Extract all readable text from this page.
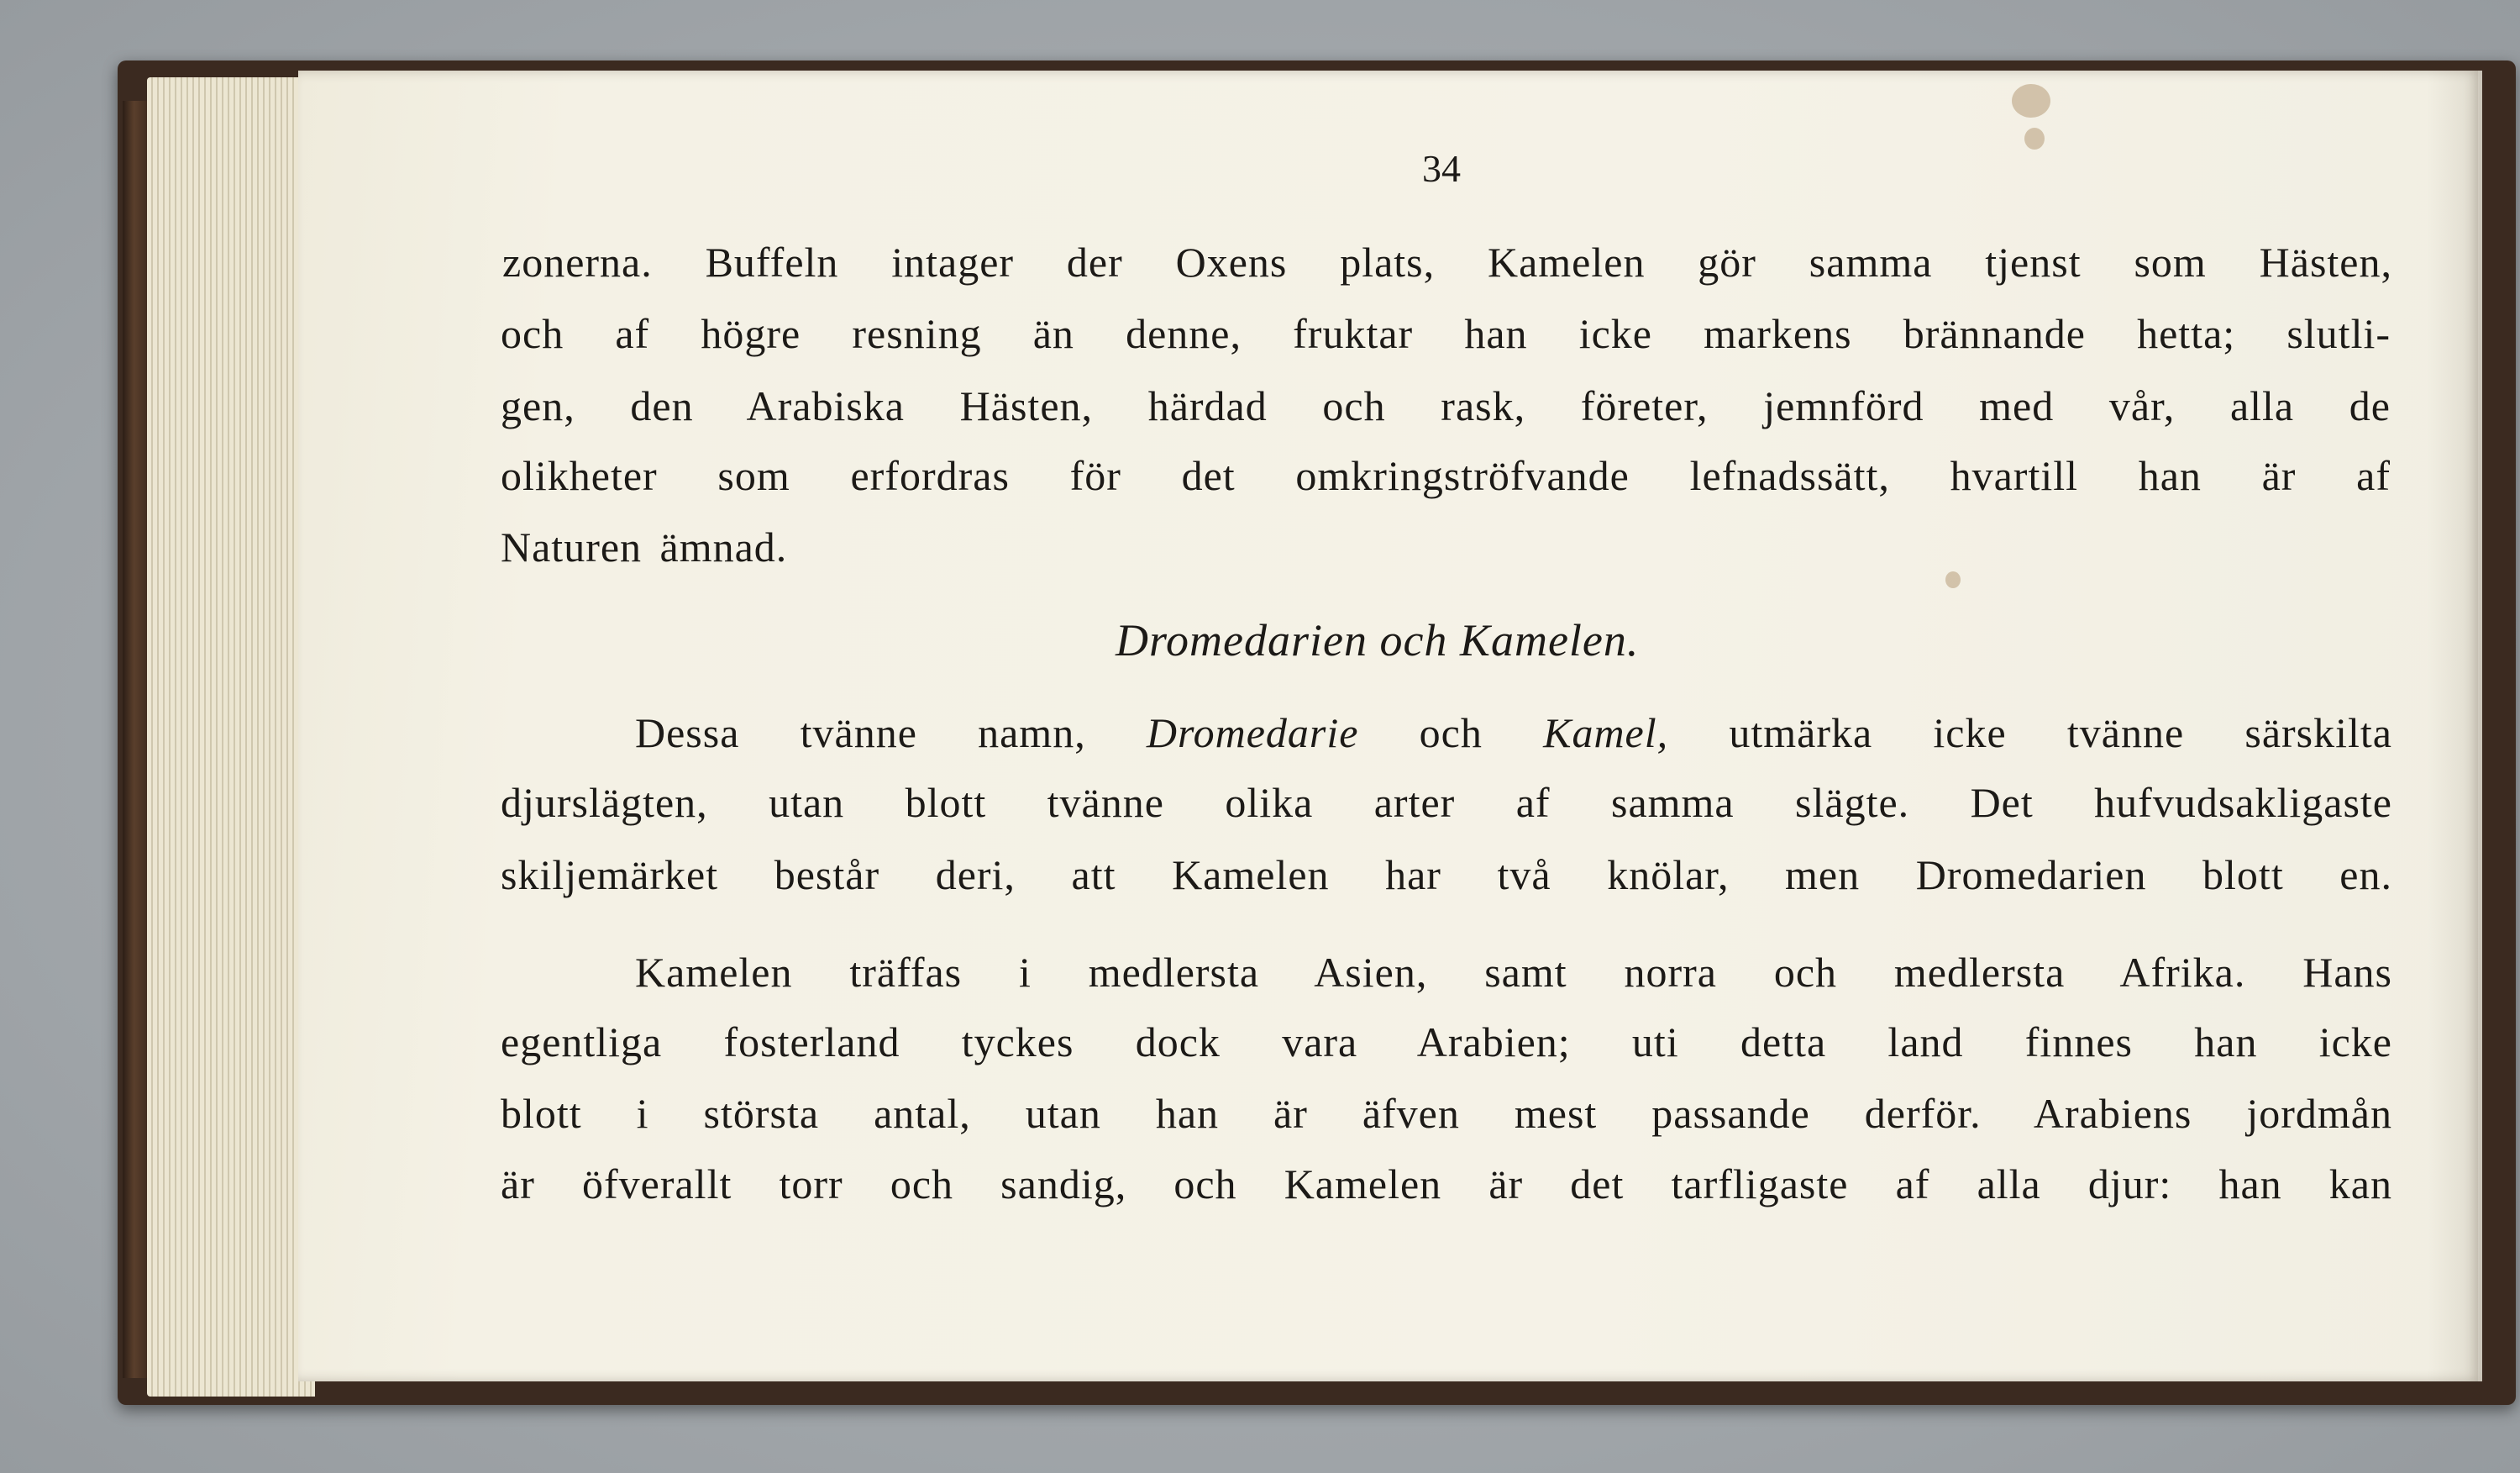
34

zonerna. Buffeln intager der Oxens plats, Kamelen gör samma tjenst som Hästen,

och af högre resning än denne, fruktar han icke markens brännande hetta; slutli-

gen, den Arabiska Hästen, härdad och rask, företer, jemnförd med vår, alla de

olikheter som erfordras för det omkringströfvande lefnadssätt, hvartill han är af

Naturen ämnad.

Dromedarien och Kamelen.

Dessa tvänne namn, Dromedarie och Kamel, utmärka icke tvänne särskilta

djurslägten, utan blott tvänne olika arter af samma slägte. Det hufvudsakligaste

skiljemärket består deri, att Kamelen har två knölar, men Dromedarien blott en.

Kamelen träffas i medlersta Asien, samt norra och medlersta Afrika. Hans

egentliga fosterland tyckes dock vara Arabien; uti detta land finnes han icke

blott i största antal, utan han är äfven mest passande derför. Arabiens jordmån

är öfverallt torr och sandig, och Kamelen är det tarfligaste af alla djur: han kan
